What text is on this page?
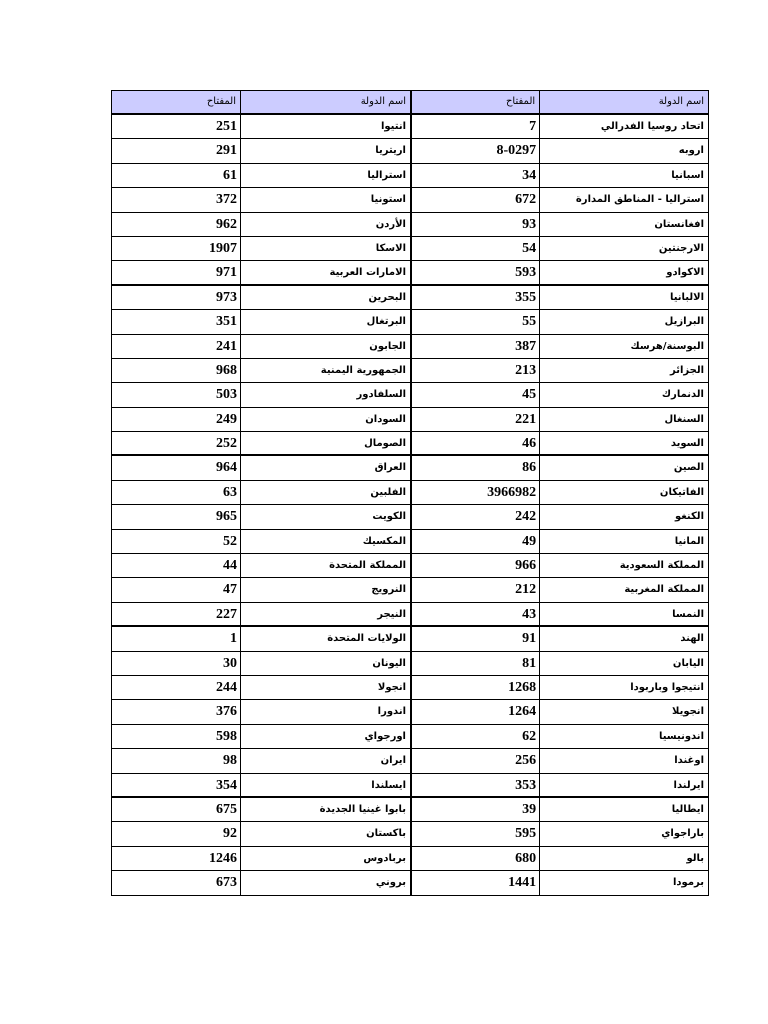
اسم الدولة
المفتاح
اتحاد روسيا الفدرالي
7
اروبه
8-0297
اسبانيا
34
استراليا - المناطق المدارة
672
افغانستان
93
الارجنتين
54
الاكوادو
593
الالبانيا
355
البرازيل
55
البوسنة/هرسك
387
الجزائر
213
الدنمارك
45
السنغال
221
السويد
46
الصين
86
الفاتيكان
3966982
الكنغو
242
المانيا
49
المملكة السعودية
966
المملكة المغربية
212
النمسا
43
الهند
91
اليابان
81
انتيجوا وباربودا
1268
انجويلا
1264
اندونيسيا
62
اوغندا
256
ايرلندا
353
ايطاليا
39
باراجواي
595
بالو
680
برمودا
1441
اسم الدولة
المفتاح
انتيوا
251
اريتريا
291
استراليا
61
استونيا
372
الأردن
962
الاسكا
1907
الامارات العربية
971
البحرين
973
البرتغال
351
الجابون
241
الجمهورية اليمنية
968
السلفادور
503
السودان
249
الصومال
252
العراق
964
الفلبين
63
الكويت
965
المكسيك
52
المملكة المتحدة
44
النرويج
47
النيجر
227
الولايات المتحدة
1
اليونان
30
انجولا
244
اندورا
376
اورجواي
598
ايران
98
ايسلندا
354
بابوا غينيا الجديدة
675
باكستان
92
بربادوس
1246
بروني
673
